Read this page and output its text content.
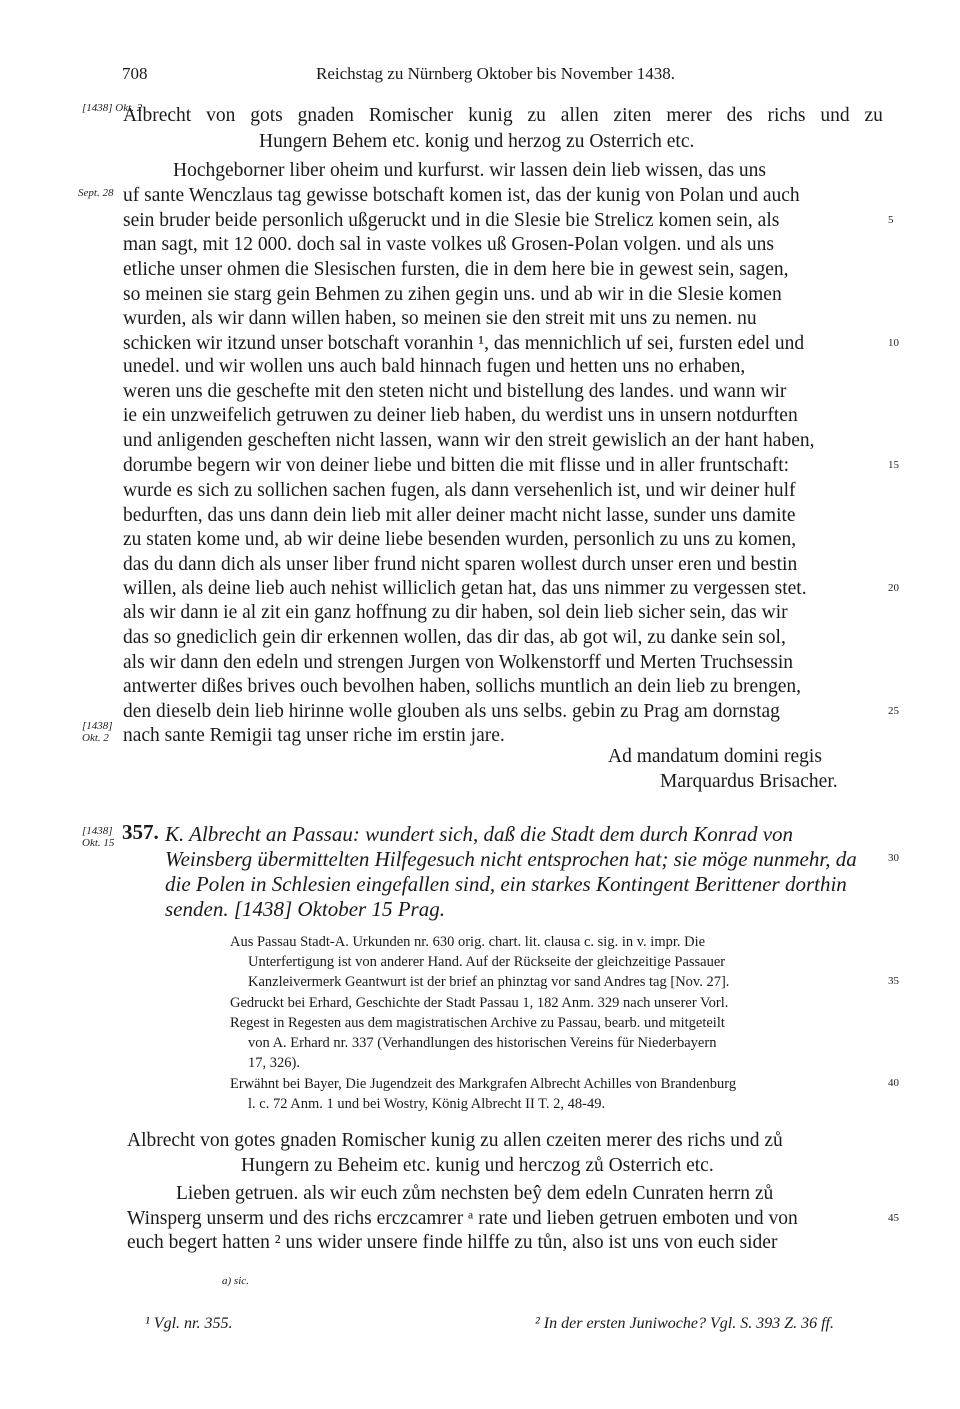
708	Reichstag zu Nürnberg Oktober bis November 1438.
[1438] Okt. 2
Sept. 28
[1438] Okt. 2
Albrecht von gots gnaden Romischer kunig zu allen ziten merer des richs und zu
Hungern Behem etc. konig und herzog zu Osterrich etc.
Hochgeborner liber oheim und kurfurst. wir lassen dein lieb wissen, das uns
uf sante Wenczlaus tag gewisse botschaft komen ist, das der kunig von Polan und auch
sein bruder beide personlich ußgeruckt und in die Slesie bie Strelicz komen sein, als
man sagt, mit 12 000. doch sal in vaste volkes uß Grosen-Polan volgen. und als uns
etliche unser ohmen die Slesischen fursten, die in dem here bie in gewest sein, sagen,
so meinen sie starg gein Behmen zu zihen gegin uns. und ab wir in die Slesie komen
wurden, als wir dann willen haben, so meinen sie den streit mit uns zu nemen. nu
schicken wir itzund unser botschaft voranhin ¹, das mennichlich uf sei, fursten edel und
unedel. und wir wollen uns auch bald hinnach fugen und hetten uns no erhaben,
weren uns die geschefte mit den steten nicht und bistellung des landes. und wann wir
ie ein unzweifelich getruwen zu deiner lieb haben, du werdist uns in unsern notdurften
und anligenden gescheften nicht lassen, wann wir den streit gewislich an der hant haben,
dorumbe begern wir von deiner liebe und bitten die mit flisse und in aller fruntschaft:
wurde es sich zu sollichen sachen fugen, als dann versehenlich ist, und wir deiner hulf
bedurften, das uns dann dein lieb mit aller deiner macht nicht lasse, sunder uns damite
zu staten kome und, ab wir deine liebe besenden wurden, personlich zu uns zu komen,
das du dann dich als unser liber frund nicht sparen wollest durch unser eren und bestin
willen, als deine lieb auch nehist williclich getan hat, das uns nimmer zu vergessen stet.
als wir dann ie al zit ein ganz hoffnung zu dir haben, sol dein lieb sicher sein, das wir
das so gnediclich gein dir erkennen wollen, das dir das, ab got wil, zu danke sein sol,
als wir dann den edeln und strengen Jurgen von Wolkenstorff und Merten Truchsessin
antwerter dißes brives ouch bevolhen haben, sollichs muntlich an dein lieb zu brengen,
den dieselb dein lieb hirinne wolle glouben als uns selbs. gebin zu Prag am dornstag
nach sante Remigii tag unser riche im erstin jare.
Ad mandatum domini regis
Marquardus Brisacher.
5
10
15
20
25
30
35
40
45
[1438] Okt. 15 357. K. Albrecht an Passau: wundert sich, daß die Stadt dem durch Konrad von
Weinsberg übermittelten Hilfegesuch nicht entsprochen hat; sie möge nunmehr, da
die Polen in Schlesien eingefallen sind, ein starkes Kontingent Berittener dorthin
senden. [1438] Oktober 15 Prag.
Aus Passau Stadt-A. Urkunden nr. 630 orig. chart. lit. clausa c. sig. in v. impr. Die
Unterfertigung ist von anderer Hand. Auf der Rückseite der gleichzeitige Passauer
Kanzleivermerk Geantwurt ist der brief an phinztag vor sand Andres tag [Nov. 27].
Gedruckt bei Erhard, Geschichte der Stadt Passau 1, 182 Anm. 329 nach unserer Vorl.
Regest in Regesten aus dem magistratischen Archive zu Passau, bearb. und mitgeteilt
von A. Erhard nr. 337 (Verhandlungen des historischen Vereins für Niederbayern
17, 326).
Erwähnt bei Bayer, Die Jugendzeit des Markgrafen Albrecht Achilles von Brandenburg
l. c. 72 Anm. 1 und bei Wostry, König Albrecht II T. 2, 48-49.
Albrecht von gotes gnaden Romischer kunig zu allen czeiten merer des richs und zů
Hungern zu Beheim etc. kunig und herczog zů Osterrich etc.
Lieben getruen. als wir euch zům nechsten beŷ dem edeln Cunraten herrn zů
Winsperg unserm und des richs erczcamrer ᵃ rate und lieben getruen emboten und von
euch begert hatten ² uns wider unsere finde hilffe zu tůn, also ist uns von euch sider
a) sic.
¹ Vgl. nr. 355.	² In der ersten Juniwoche? Vgl. S. 393 Z. 36 ff.
